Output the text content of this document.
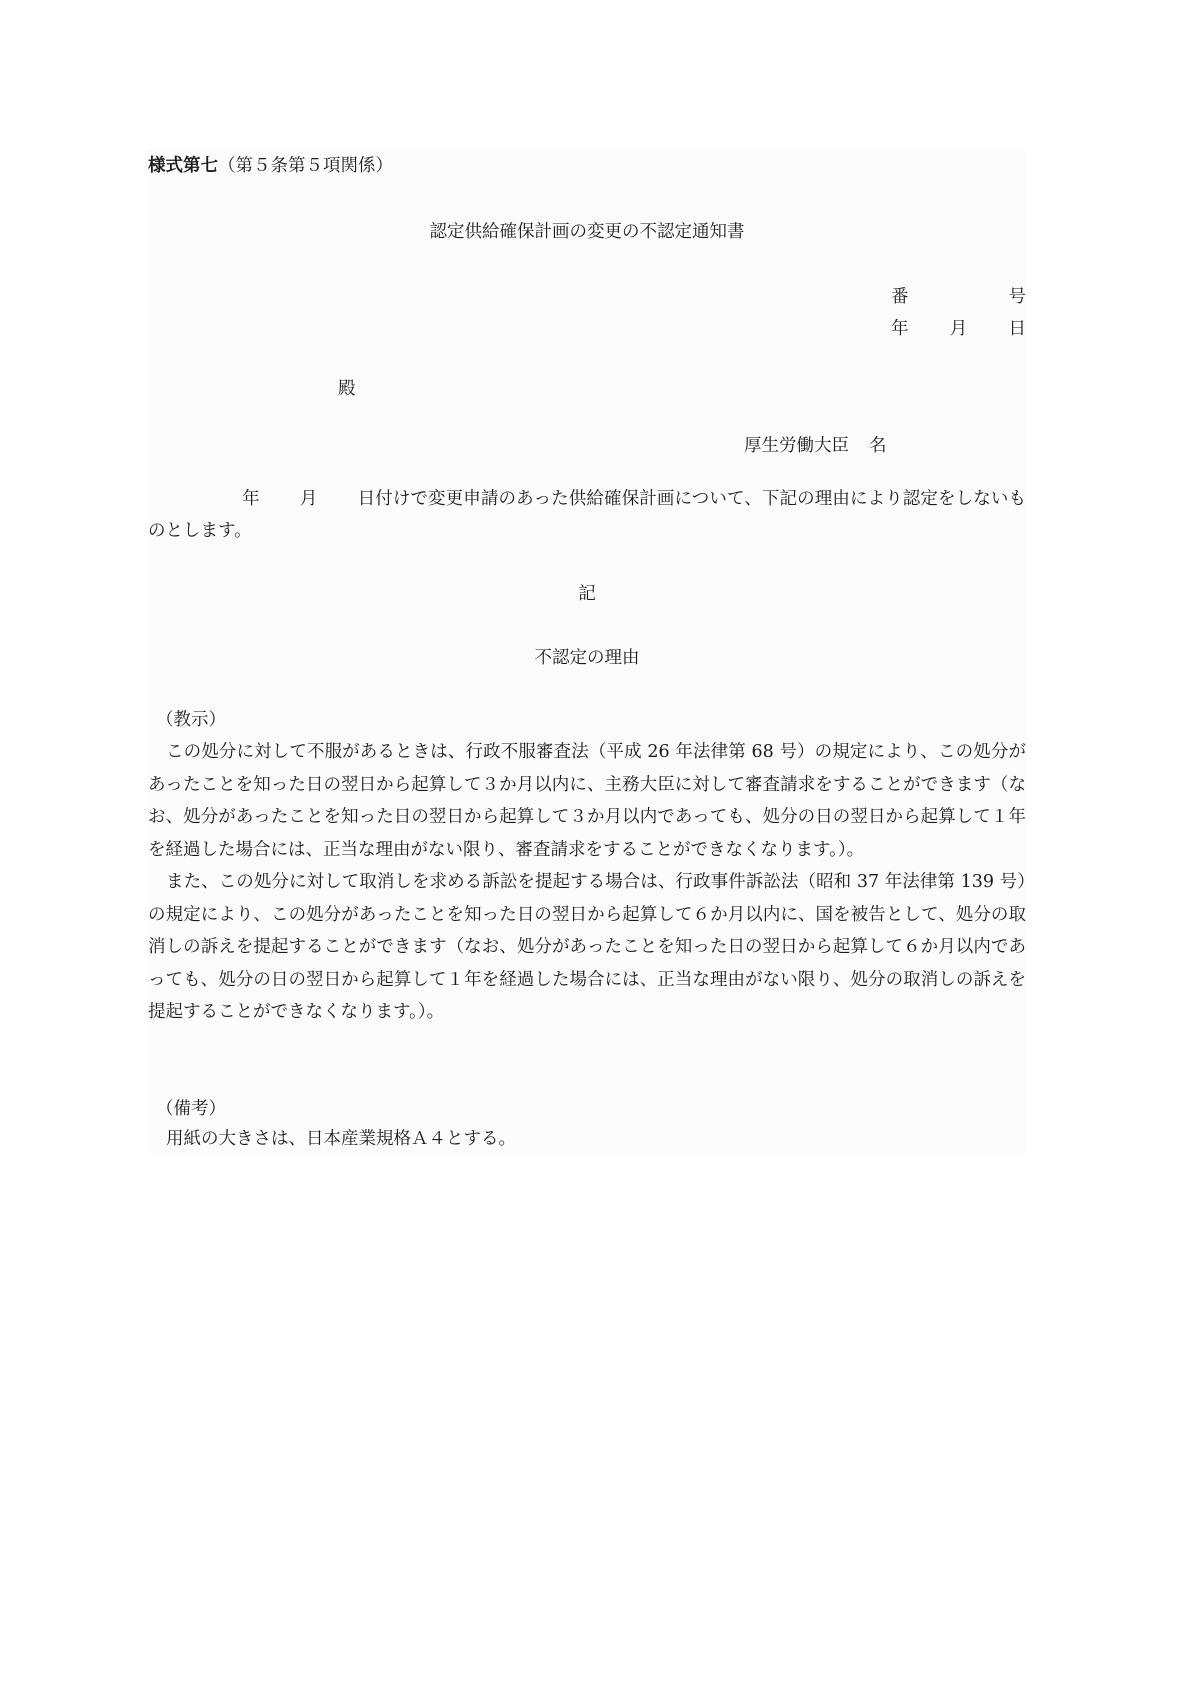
様式第七（第５条第５項関係）
認定供給確保計画の変更の不認定通知書
番	号
年 月 日
殿
厚生労働大臣 名
年 月 日付けで変更申請のあった供給確保計画について、下記の理由により認定をしないものとします。
記
不認定の理由
（教示）

この処分に対して不服があるときは、行政不服審査法（平成 26 年法律第 68 号）の規定により、この処分があったことを知った日の翌日から起算して３か月以内に、主務大臣に対して審査請求をすることができます（なお、処分があったことを知った日の翌日から起算して３か月以内であっても、処分の日の翌日から起算して１年を経過した場合には、正当な理由がない限り、審査請求をすることができなくなります。）。

また、この処分に対して取消しを求める訴訟を提起する場合は、行政事件訴訟法（昭和 37 年法律第 139 号）の規定により、この処分があったことを知った日の翌日から起算して６か月以内に、国を被告として、処分の取消しの訴えを提起することができます（なお、処分があったことを知った日の翌日から起算して６か月以内であっても、処分の日の翌日から起算して１年を経過した場合には、正当な理由がない限り、処分の取消しの訴えを提起することができなくなります。）。

（備考）
用紙の大きさは、日本産業規格Ａ４とする。
